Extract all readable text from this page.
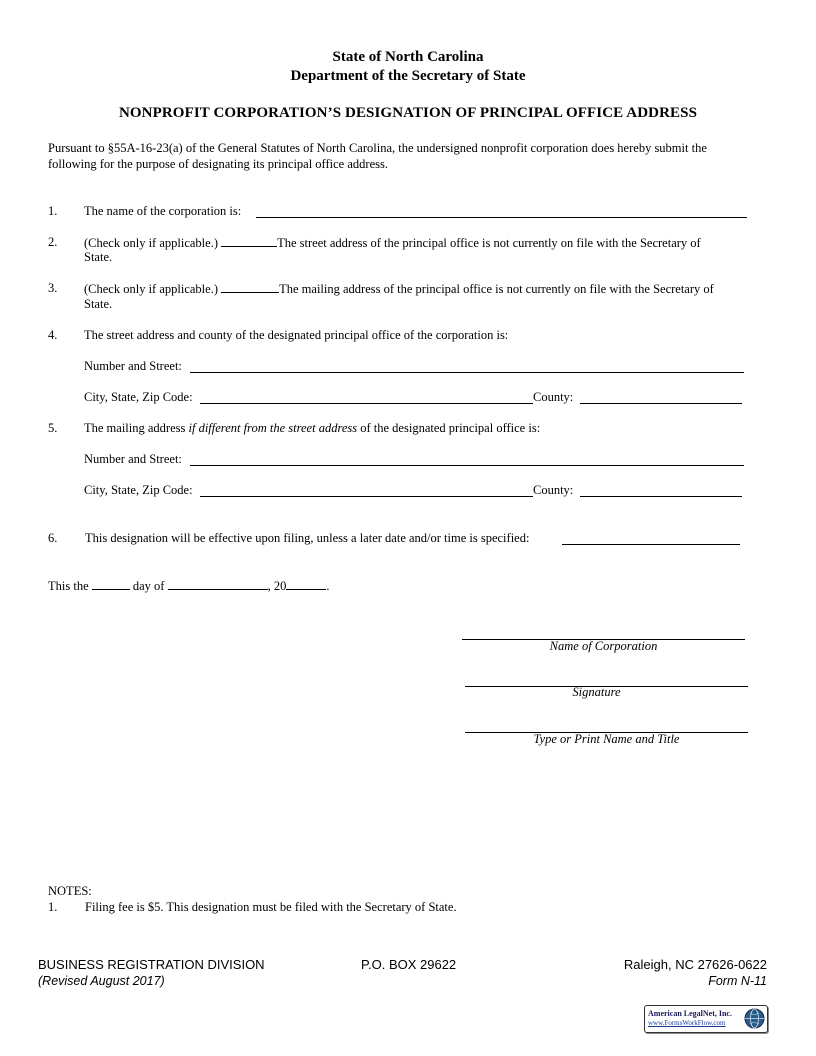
State of North Carolina
Department of the Secretary of State
NONPROFIT CORPORATION’S DESIGNATION OF PRINCIPAL OFFICE ADDRESS
Pursuant to §55A-16-23(a) of the General Statutes of North Carolina, the undersigned nonprofit corporation does hereby submit the
following for the purpose of designating its principal office address.
1. The name of the corporation is:
2. (Check only if applicable.)	The street address of the principal office is not currently on file with the Secretary of
State.
3. (Check only if applicable.)	The mailing address of the principal office is not currently on file with the Secretary of
State.
4. The street address and county of the designated principal office of the corporation is:
Number and Street:
City, State, Zip Code:	County:
5. The mailing address if different from the street address of the designated principal office is:
Number and Street:
City, State, Zip Code:	County:
6. This designation will be effective upon filing, unless a later date and/or time is specified:
This the	day of	, 20	.
Name of Corporation
Signature
Type or Print Name and Title
NOTES:
1. Filing fee is $5. This designation must be filed with the Secretary of State.
BUSINESS REGISTRATION DIVISION
(Revised August 2017)
P.O. BOX 29622	Raleigh, NC 27626-0622
Form N-11
American LegalNet, Inc.
www.FormsWorkFlow.com
